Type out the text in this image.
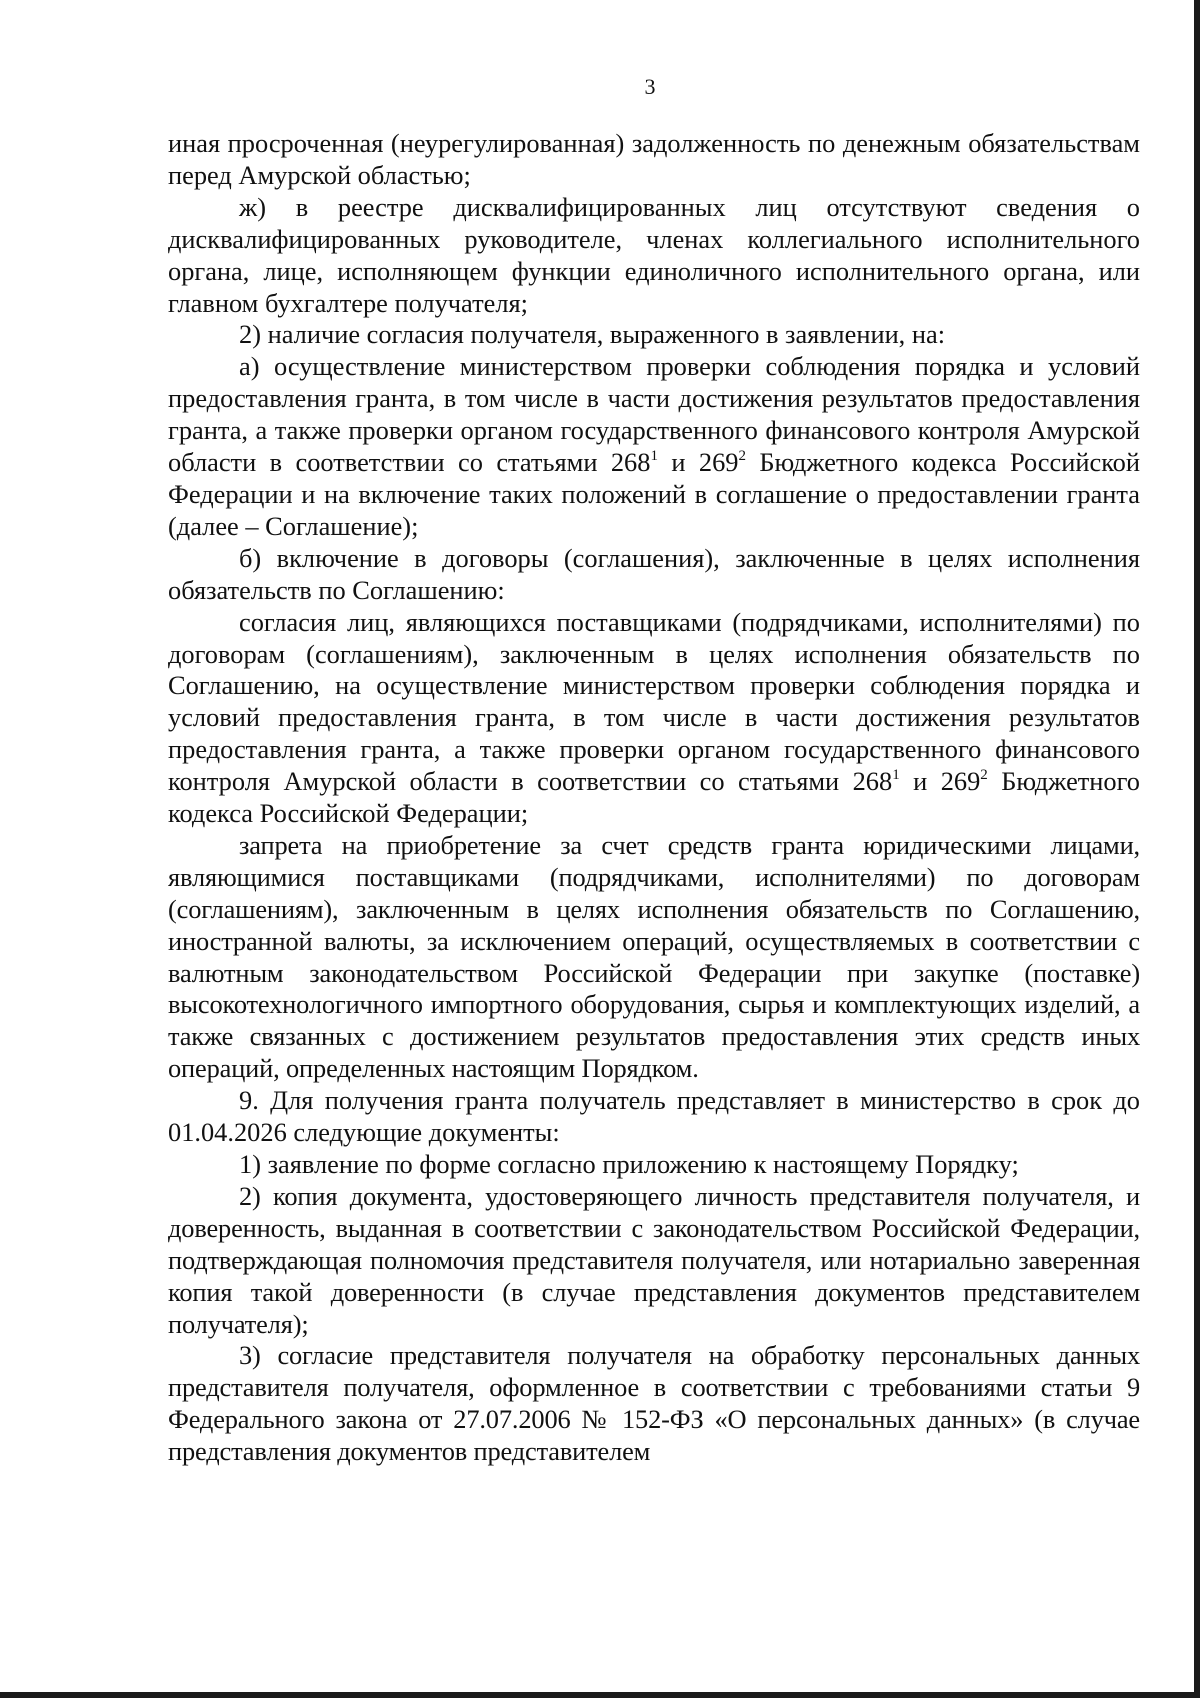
3

иная просроченная (неурегулированная) задолженность по денежным обязательствам перед Амурской областью;

ж) в реестре дисквалифицированных лиц отсутствуют сведения о дисквалифицированных руководителе, членах коллегиального исполнительного органа, лице, исполняющем функции единоличного исполнительного органа, или главном бухгалтере получателя;

2) наличие согласия получателя, выраженного в заявлении, на:

а) осуществление министерством проверки соблюдения порядка и условий предоставления гранта, в том числе в части достижения результатов предоставления гранта, а также проверки органом государственного финансового контроля Амурской области в соответствии со статьями $268^1$ и $269^2$ Бюджетного кодекса Российской Федерации и на включение таких положений в соглашение о предоставлении гранта (далее – Соглашение);

б) включение в договоры (соглашения), заключенные в целях исполнения обязательств по Соглашению:

согласия лиц, являющихся поставщиками (подрядчиками, исполнителями) по договорам (соглашениям), заключенным в целях исполнения обязательств по Соглашению, на осуществление министерством проверки соблюдения порядка и условий предоставления гранта, в том числе в части достижения результатов предоставления гранта, а также проверки органом государственного финансового контроля Амурской области в соответствии со статьями $268^1$ и $269^2$ Бюджетного кодекса Российской Федерации;

запрета на приобретение за счет средств гранта юридическими лицами, являющимися поставщиками (подрядчиками, исполнителями) по договорам (соглашениям), заключенным в целях исполнения обязательств по Соглашению, иностранной валюты, за исключением операций, осуществляемых в соответствии с валютным законодательством Российской Федерации при закупке (поставке) высокотехнологичного импортного оборудования, сырья и комплектующих изделий, а также связанных с достижением результатов предоставления этих средств иных операций, определенных настоящим Порядком.

9. Для получения гранта получатель представляет в министерство в срок до 01.04.2026 следующие документы:

1) заявление по форме согласно приложению к настоящему Порядку;

2) копия документа, удостоверяющего личность представителя получателя, и доверенность, выданная в соответствии с законодательством Российской Федерации, подтверждающая полномочия представителя получателя, или нотариально заверенная копия такой доверенности (в случае представления документов представителем получателя);

3) согласие представителя получателя на обработку персональных данных представителя получателя, оформленное в соответствии с требованиями статьи 9 Федерального закона от 27.07.2006 № 152-ФЗ «О персональных данных» (в случае представления документов представителем
